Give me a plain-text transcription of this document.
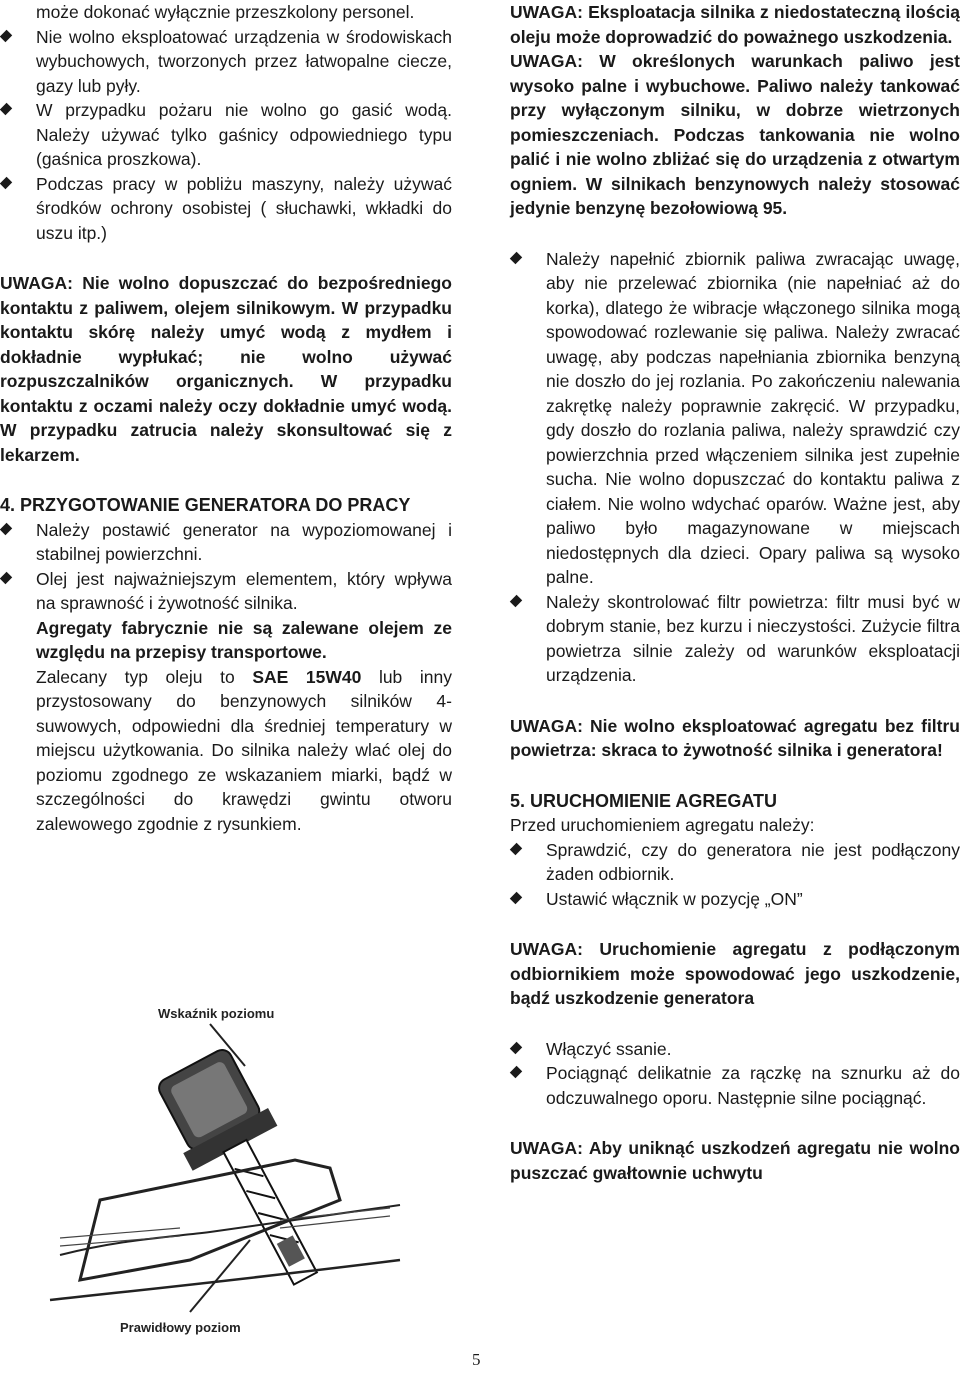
może dokonać wyłącznie przeszkolony personel.

Nie wolno eksploatować urządzenia w środowiskach wybuchowych, tworzonych przez łatwopalne ciecze, gazy lub pyły.
W przypadku pożaru nie wolno go gasić wodą. Należy używać tylko gaśnicy odpowiedniego typu (gaśnica proszkowa).
Podczas pracy w pobliżu maszyny, należy używać środków ochrony osobistej ( słuchawki, wkładki do uszu itp.)

UWAGA: Nie wolno dopuszczać do bezpośredniego kontaktu z paliwem, olejem silnikowym. W przypadku kontaktu skórę należy umyć wodą z mydłem i dokładnie wypłukać; nie wolno używać rozpuszczalników organicznych. W przypadku kontaktu z oczami należy oczy dokładnie umyć wodą. W przypadku zatrucia należy skonsultować się z lekarzem.

4. PRZYGOTOWANIE GENERATORA DO PRACY

Należy postawić generator na wypoziomowanej i stabilnej powierzchni.
Olej jest najważniejszym elementem, który wpływa na sprawność i żywotność silnika.

Agregaty fabrycznie nie są zalewane olejem ze względu na przepisy transportowe.

Zalecany typ oleju to SAE 15W40 lub inny przystosowany do benzynowych silników 4-suwowych, odpowiedni dla średniej temperatury w miejscu użytkowania. Do silnika należy wlać olej do poziomu zgodnego ze wskazaniem miarki, bądź w szczególności do krawędzi gwintu otworu zalewowego zgodnie z rysunkiem.

Wskaźnik poziomu
Prawidłowy poziom

UWAGA: Eksploatacja silnika z niedostateczną ilością oleju może doprowadzić do poważnego uszkodzenia.

UWAGA: W określonych warunkach paliwo jest wysoko palne i wybuchowe. Paliwo należy tankować przy wyłączonym silniku, w dobrze wietrzonych pomieszczeniach. Podczas tankowania nie wolno palić i nie wolno zbliżać się do urządzenia z otwartym ogniem. W silnikach benzynowych należy stosować jedynie benzynę bezołowiową 95.

Należy napełnić zbiornik paliwa zwracając uwagę, aby nie przelewać zbiornika (nie napełniać aż do korka), dlatego że wibracje włączonego silnika mogą spowodować rozlewanie się paliwa. Należy zwracać uwagę, aby podczas napełniania zbiornika benzyną nie doszło do jej rozlania. Po zakończeniu nalewania zakrętkę należy poprawnie zakręcić. W przypadku, gdy doszło do rozlania paliwa, należy sprawdzić czy powierzchnia przed włączeniem silnika jest zupełnie sucha. Nie wolno dopuszczać do kontaktu paliwa z ciałem. Nie wolno wdychać oparów. Ważne jest, aby paliwo było magazynowane w miejscach niedostępnych dla dzieci. Opary paliwa są wysoko palne.
Należy skontrolować filtr powietrza: filtr musi być w dobrym stanie, bez kurzu i nieczystości. Zużycie filtra powietrza silnie zależy od warunków eksploatacji urządzenia.

UWAGA: Nie wolno eksploatować agregatu bez filtru powietrza: skraca to żywotność silnika i generatora!

5. URUCHOMIENIE AGREGATU

Przed uruchomieniem agregatu należy:

Sprawdzić, czy do generatora nie jest podłączony żaden odbiornik.
Ustawić włącznik w pozycję „ON”

UWAGA: Uruchomienie agregatu z podłączonym odbiornikiem może spowodować jego uszkodzenie, bądź uszkodzenie generatora

Włączyć ssanie.
Pociągnąć delikatnie za rączkę na sznurku aż do odczuwalnego oporu. Następnie silne pociągnąć.

UWAGA: Aby uniknąć uszkodzeń agregatu nie wolno puszczać gwałtownie uchwytu

5
